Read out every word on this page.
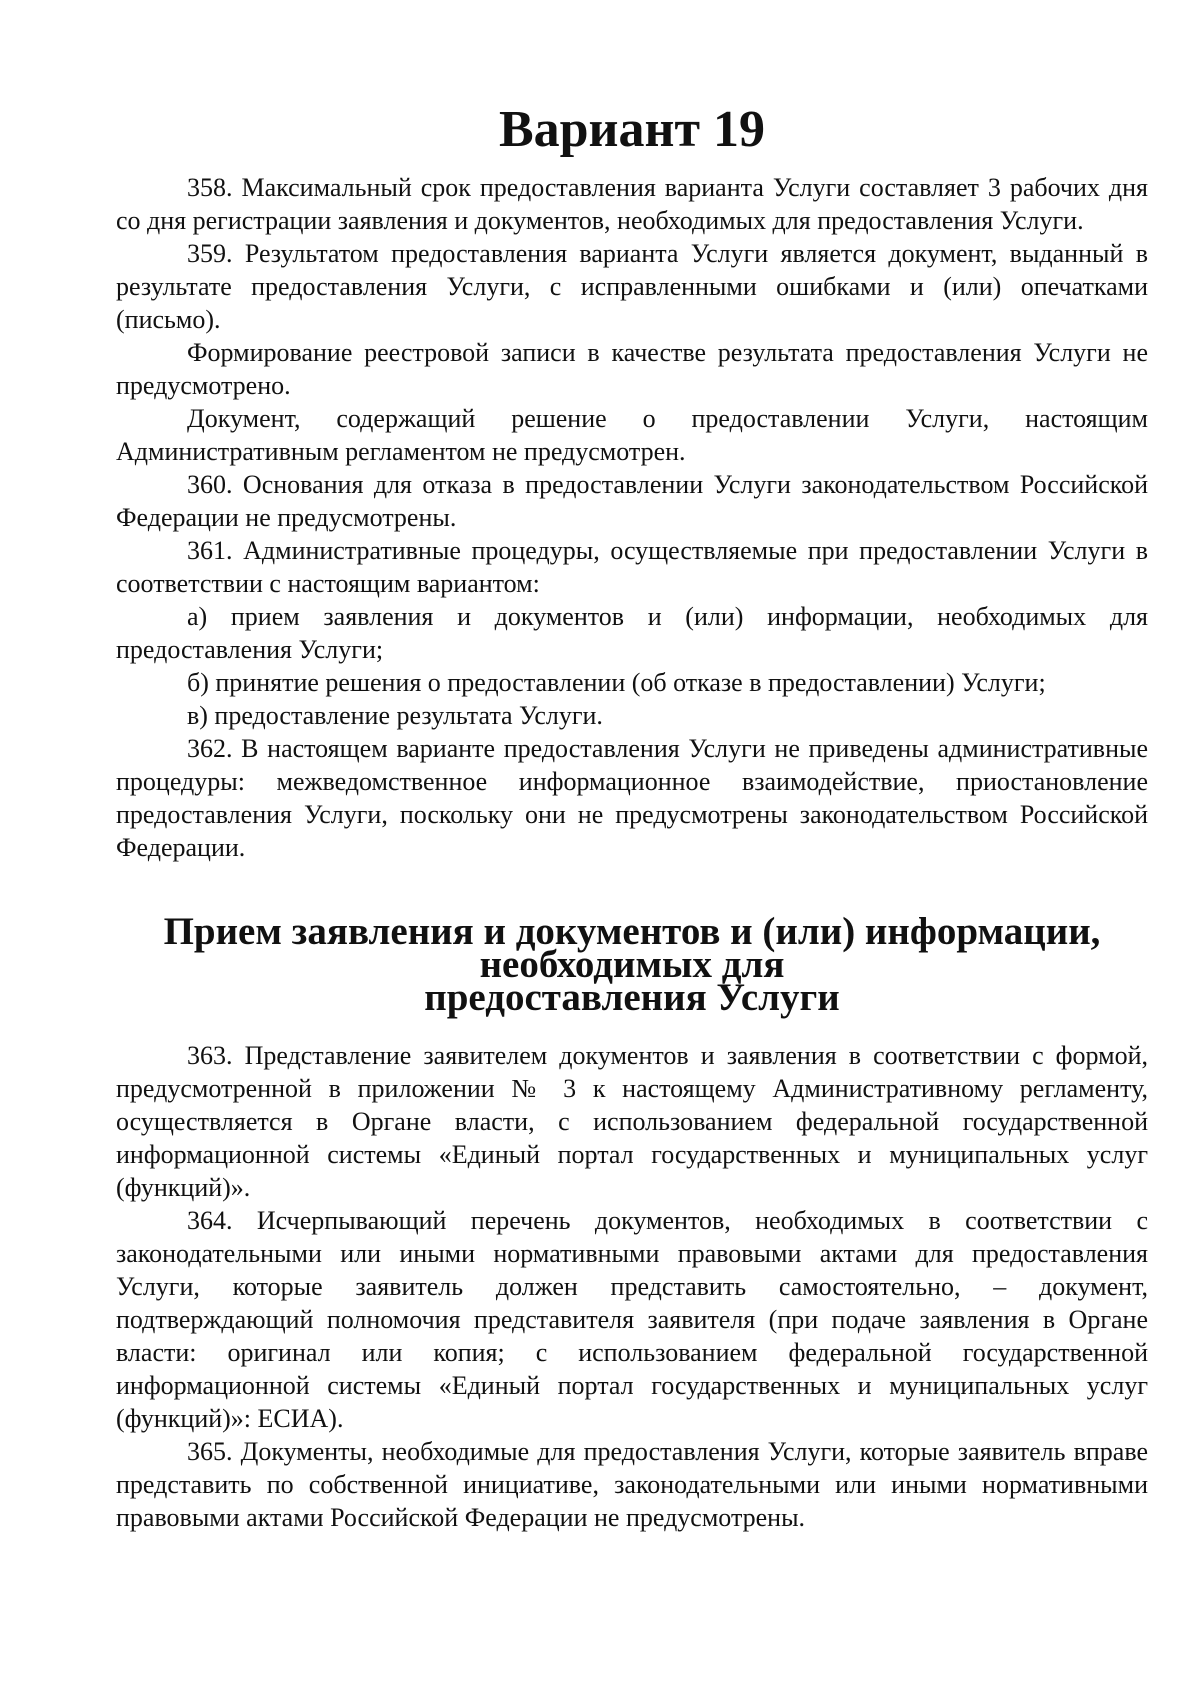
Вариант 19

358. Максимальный срок предоставления варианта Услуги составляет 3 рабочих дня со дня регистрации заявления и документов, необходимых для предоставления Услуги.

359. Результатом предоставления варианта Услуги является документ, выданный в результате предоставления Услуги, с исправленными ошибками и (или) опечатками (письмо).

Формирование реестровой записи в качестве результата предоставления Услуги не предусмотрено.

Документ, содержащий решение о предоставлении Услуги, настоящим Административным регламентом не предусмотрен.

360. Основания для отказа в предоставлении Услуги законодательством Российской Федерации не предусмотрены.

361. Административные процедуры, осуществляемые при предоставлении Услуги в соответствии с настоящим вариантом:

а) прием заявления и документов и (или) информации, необходимых для предоставления Услуги;

б) принятие решения о предоставлении (об отказе в предоставлении) Услуги;

в) предоставление результата Услуги.

362. В настоящем варианте предоставления Услуги не приведены административные процедуры: межведомственное информационное взаимодействие, приостановление предоставления Услуги, поскольку они не предусмотрены законодательством Российской Федерации.

Прием заявления и документов и (или) информации, необходимых для
предоставления Услуги

363. Представление заявителем документов и заявления в соответствии с формой, предусмотренной в приложении № 3 к настоящему Административному регламенту, осуществляется в Органе власти, с использованием федеральной государственной информационной системы «Единый портал государственных и муниципальных услуг (функций)».

364. Исчерпывающий перечень документов, необходимых в соответствии с законодательными или иными нормативными правовыми актами для предоставления Услуги, которые заявитель должен представить самостоятельно, – документ, подтверждающий полномочия представителя заявителя (при подаче заявления в Органе власти: оригинал или копия; с использованием федеральной государственной информационной системы «Единый портал государственных и муниципальных услуг (функций)»: ЕСИА).

365. Документы, необходимые для предоставления Услуги, которые заявитель вправе представить по собственной инициативе, законодательными или иными нормативными правовыми актами Российской Федерации не предусмотрены.
